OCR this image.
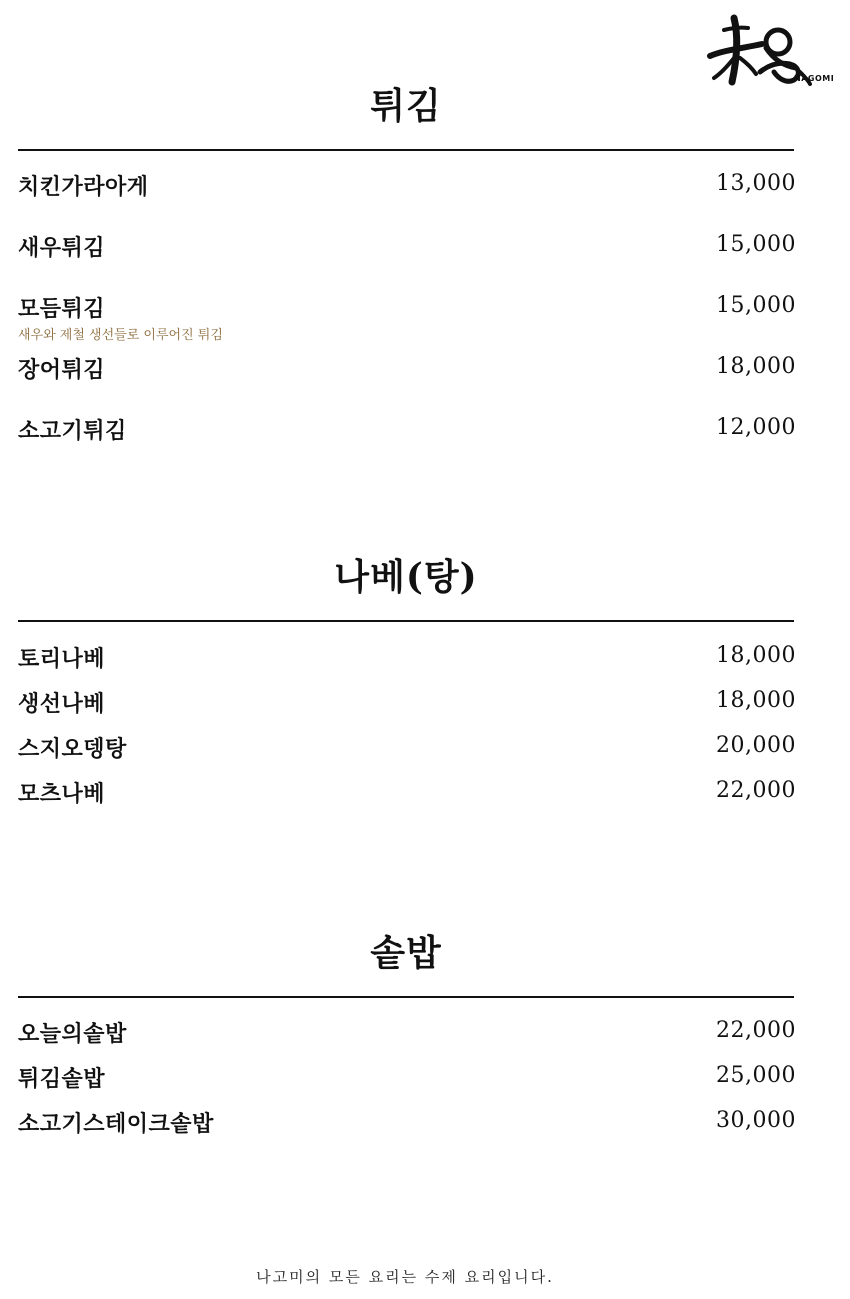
NAGOMI
튀김
치킨가라아게	13,000
새우튀김	15,000
모듬튀김	15,000
새우와 제철 생선들로 이루어진 튀김
장어튀김	18,000
소고기튀김	12,000
나베(탕)
토리나베	18,000
생선나베	18,000
스지오뎅탕	20,000
모츠나베	22,000
솥밥
오늘의솥밥	22,000
튀김솥밥	25,000
소고기스테이크솥밥	30,000
나고미의 모든 요리는 수제 요리입니다.
